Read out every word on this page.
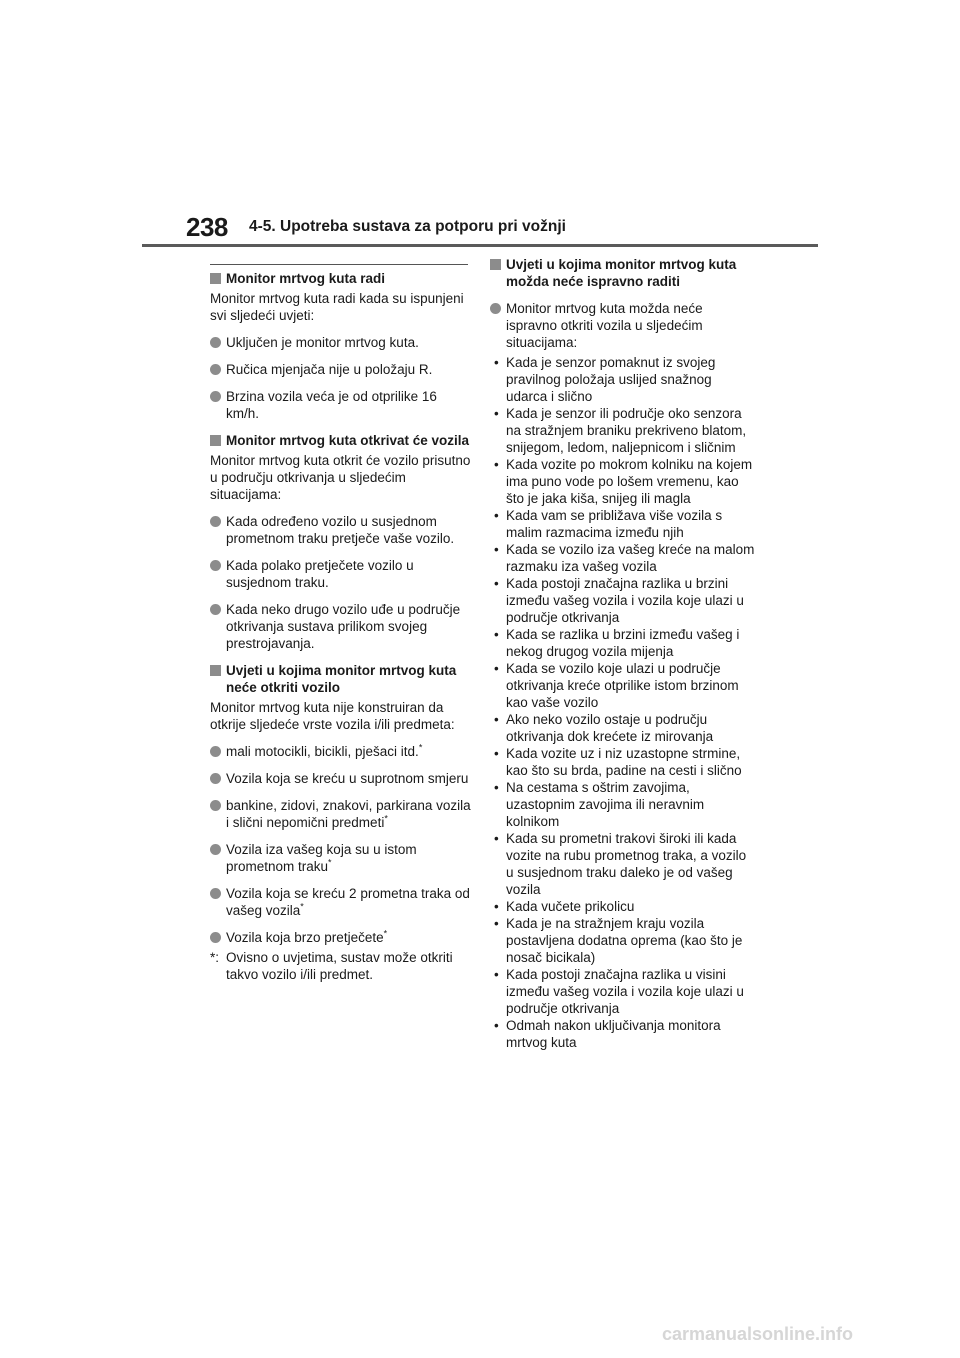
238 4-5. Upotreba sustava za potporu pri vožnji
Monitor mrtvog kuta radi
Monitor mrtvog kuta radi kada su ispunjeni svi sljedeći uvjeti:
Uključen je monitor mrtvog kuta.
Ručica mjenjača nije u položaju R.
Brzina vozila veća je od otprilike 16 km/h.
Monitor mrtvog kuta otkrivat će vozila
Monitor mrtvog kuta otkrit će vozilo prisutno u području otkrivanja u sljedećim situacijama:
Kada određeno vozilo u susjednom prometnom traku pretječe vaše vozilo.
Kada polako pretječete vozilo u susjednom traku.
Kada neko drugo vozilo uđe u područje otkrivanja sustava prilikom svojeg prestrojavanja.
Uvjeti u kojima monitor mrtvog kuta neće otkriti vozilo
Monitor mrtvog kuta nije konstruiran da otkrije sljedeće vrste vozila i/ili predmeta:
mali motocikli, bicikli, pješaci itd.*
Vozila koja se kreću u suprotnom smjeru
bankine, zidovi, znakovi, parkirana vozila i slični nepomični predmeti*
Vozila iza vašeg koja su u istom prometnom traku*
Vozila koja se kreću 2 prometna traka od vašeg vozila*
Vozila koja brzo pretječete*
*: Ovisno o uvjetima, sustav može otkriti takvo vozilo i/ili predmet.
Uvjeti u kojima monitor mrtvog kuta možda neće ispravno raditi
Monitor mrtvog kuta možda neće ispravno otkriti vozila u sljedećim situacijama:
• Kada je senzor pomaknut iz svojeg pravilnog položaja uslijed snažnog udarca i slično
• Kada je senzor ili područje oko senzora na stražnjem braniku prekriveno blatom, snijegom, ledom, naljepnicom i sličnim
• Kada vozite po mokrom kolniku na kojem ima puno vode po lošem vremenu, kao što je jaka kiša, snijeg ili magla
• Kada vam se približava više vozila s malim razmacima između njih
• Kada se vozilo iza vašeg kreće na malom razmaku iza vašeg vozila
• Kada postoji značajna razlika u brzini između vašeg vozila i vozila koje ulazi u područje otkrivanja
• Kada se razlika u brzini između vašeg i nekog drugog vozila mijenja
• Kada se vozilo koje ulazi u područje otkrivanja kreće otprilike istom brzinom kao vaše vozilo
• Ako neko vozilo ostaje u području otkrivanja dok krećete iz mirovanja
• Kada vozite uz i niz uzastopne strmine, kao što su brda, padine na cesti i slično
• Na cestama s oštrim zavojima, uzastopnim zavojima ili neravnim kolnikom
• Kada su prometni trakovi široki ili kada vozite na rubu prometnog traka, a vozilo u susjednom traku daleko je od vašeg vozila
• Kada vučete prikolicu
• Kada je na stražnjem kraju vozila postavljena dodatna oprema (kao što je nosač bicikala)
• Kada postoji značajna razlika u visini između vašeg vozila i vozila koje ulazi u područje otkrivanja
• Odmah nakon uključivanja monitora mrtvog kuta
carmanualsonline.info
